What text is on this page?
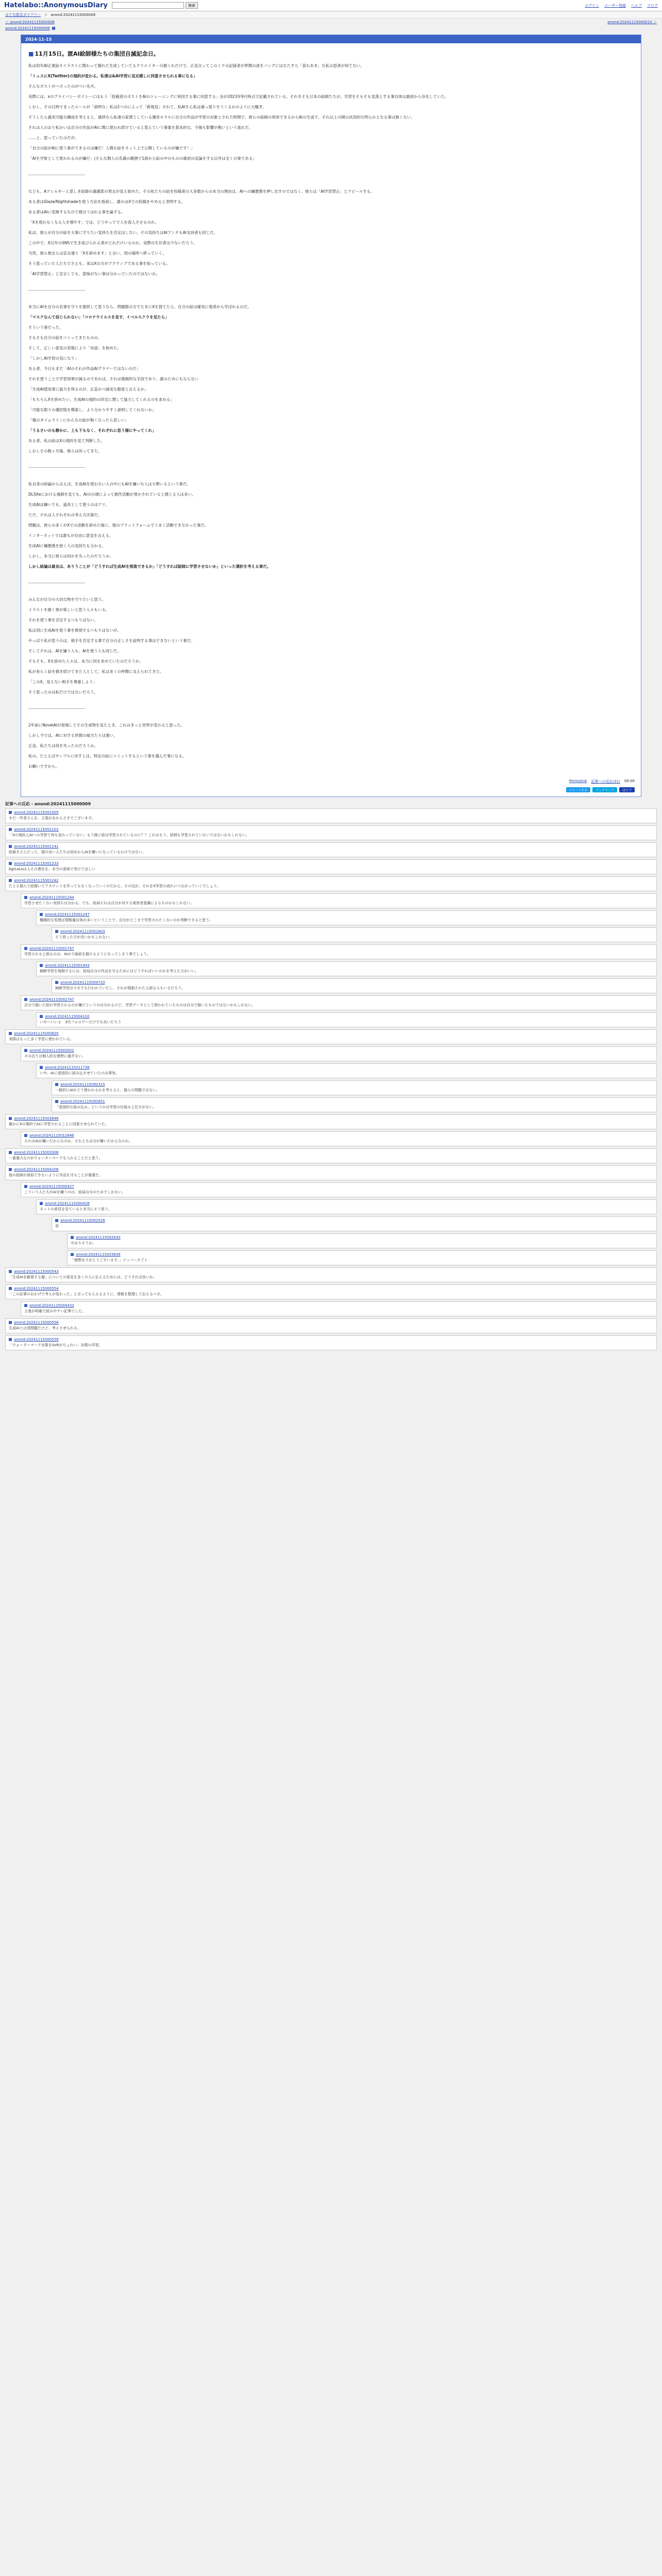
Hatelabo::AnonymousDiary	検索	ログイン ユーザー登録 ヘルプ ブログ
はてな匿名ダイアリー ＞ anond:20241115000009
＜ anond:20241115000008	anond:20241115000010 ＞
anond:20241115000009
2024-11-15
■ 11月15日。匿AI絵師様たちの集団自滅記念日。
私は的年AI正業絵キイラストに関わって描れた生成していてるクリエイターの描くれだけで、正直言ってこのミテの記録者が界隈の波をバングにはなたすら「家れあま」な私の思者が何てない。
「ミュスにX(Twitter)の規約が変わる。私達は&AI学習に見定感しに同意させられる事になる」
そんなポストがバズったのがつい先月。
実際には、xのプライバシーポリシーにはもう「投稿者のポストをAIのトレーニングに利用する事に同意する」旨が2023年9月時点で記載されている。それをそも日本の絵師たちが、学習をそもそも見落とする事自体は最初から存在していた。
しかし、その日時でまったルールが「説明な」私は2つのによって「新規見」されて、私AIさん私は違っ張りをうくるかのように大騒ぎ。
そうしたら義実可能な構成を考えると、最終なら私達の家賃としている運営モラルに自分の作品が学習の対象とされた時期で、彼らの絵師の利用できるからAIの生成で、それ以上の開示状況的な明らかとなる事は無くない。
それは人のおり私かいは自分の作品がAIに関に使われ続けていると思えていう事案を基本的な、今後も影響が無いという流れだ。
……と、思っていたのだが。
「自分の絵がAIに使う事ができるのは嫌だ！人間も絵をネット上で公開しているのが嫌です！」
「AIを学術として使われるのが嫌だ」(そんな個人の名義の範囲で1面から絵の中のものの最初の反論をする以外は全くの事である」
なども、Aアレルギーと思しき絵師の過激派の発言が見え始めた。その私たちの絵を投稿者の大多数からの本当の理由は、AIへの嫌悪感を押し出すのではなく、彼らは「AI学習禁止」とアピールする。
ある者はGlaze/Nightshadeを使う方法を指南し、誰かはXでの投稿をやめると表明する。
ある者はAIに変換するなので被ほうはれる事を論ずる。
「Xを使わなくなる人を増やす」では、どうやってで人を流入させるのか。
私は、彼らが自分の絵を大事に守りたい気持ちを否定はしない。その気持ちはAIアンチもAI支持者も同じだ。
この中で、X以外のSNSで生き延びられる者がどれだけいるのか、実際の生存者は少ないだろう。
当然、彼ら彼女らは宣言通り「Xを辞めます」と言い、別の場所へ移っていく。
そう思っていた人たちでさえも、実はXの方がアクティブである事を知っている。
「AI学習禁止」と宣言しても、意味がない事は分かっていたのではないか。
本当にAIを自分の玄事を守りを提供して思うなら、問題数の方でちまにXを捨てたら、自分の絵は確実に他者から学ばれるのだ。
「マスクなんて信じられない」「コロナウイルスを見す、イベルスクラを見たら」
そういう事だった。
そもそも自分の絵をつくってきたものの、
そして、正しい意見の表現により「対話」を始めた。
「しかしAI学習の気になり」
ある者、今日もまだ「AIのそれが作品AIグラマーではないのだ」
それを使うことで学習効果が減るのであれば、それは強制的な手段であり、誰のためにもならない
「生成AI使用者に協力を得るのが、正直かつ誠実な態度と言えるか」
「もちろんXを辞めたい。生成AIの規約の改定に関して協力してくれるのを求める」
「可能な限りの選択肢を模索し、より分かりやすく説明してくれないか」
「俺のタイムラインにかんなの絵が無くなったら悲しい」
「うるさいのも静かに、上も下もなく、それぞれに思う様にやってくれ」
ある者、私の絵はXの規約を見て判断した。
しかしその数ヶ月後、彼らは戻ってきた。
私自身の結論から言えば、生成AIを使わない人の中にもAIを嫌いな人は大勢いるという事だ。
DLSiteにおける規制を見ても、AIの台頭によって創作活動が脅かされていると感じる人は多い。
生成AIは嫌いでも、道具として使うのはアリ。
ただ、それは人それぞれの考え方次第だ。
問題は、彼らの多くがXでの活動を辞めた後に、他のプラットフォームでうまく活動できなかった事だ。
インターネットでは誰もが自由に意見を言える。
生成AIに嫌悪感を抱く人の気持ちも分かる。
しかし、本当に彼らは何かを失ったのだろうか。
しかし結論は最良は、ありうことが「どうすれば生成AIを推進できるか」「どうすれば絵師に学習させないか」といった選択を考える事だ。
みんなが自分の大切な物を守りたいと思う。
イラストを描く事が楽しいと思う人々もいる。
それを使う事を否定するつもりはない。
私は別に生成AIを使う事を推奨するつもりはないが。
やっぱり私が思うのは、相手を否定する事で自分の正しさを証明する事はできないという事だ。
そしてそれは、AIを嫌う人も、AIを使う人も同じだ。
そもそも、Xを辞めた人々は、本当に何を求めていたのだろうか。
私が長らく絵を描き続けてきた人として、私は多くの仲間に支えられてきた。
「このX、見えない相手を尊重しよう」
そう思ったのは私だけではないだろう。
2年前にNovelAIが登場してその生成物を見たとき、これはきっと世界が変わると思った。
しかし今では、AIに対する世間の風当たりは強い。
正直、私たちは何を失ったのだろうか。
私の、たとえばサンプルに戻すとは、特定の絵にコミットするという事を選んだ事になる。
お願いですから、
Permalink 記事への反応(31) 00:00
ツイートする	ブックマーク	はてブ
記事への反応 - anond:20241115000009
anond:20241115001005
まだ一作者さんを、主張があからさまでございます。
anond:20241115001101
「Xの規約上AIへの学習で何も変わっていない」もう既に絵は学習されているのに？？これはもう、絵柄も学習されていないではないかもしれない。
anond:20241115001141
絵描きさんだって、頭の良い人たちは初めからAIを嫌いになっているわけではない。
anond:20241115001233
bgrLoLoは人その責任を、本当の意味で受けてほしい
anond:20241115001242
たとえ個人で絵描いてアカウントを作ってもなくなっていくのだから、その辺が、それをX学習の流れにつながっていくでしょう。
anond:20241115001244
学習させたくない気持ちは分かる。でも、結局それは自分が対する被害者意識によるものかもしれない。
anond:20241115001247
機械的な処理は情報量自体が多いということで、自分がどこまで学習されたくないのか判断できると思う。
anond:20241115001603
そう思った方が良いかもしれない。
anond:20241115001747
学習されると困るのは、AIが今後絵を描けるようになってしまう事でしょう。
anond:20241115001943
無断学習を規制するには、結局自分の作品を守るためにはどうすればいいのかを考えた方がいい。
anond:20241115004723
無断学習は今までも行われていたし、それが規制されたら困る人もいるだろう。
anond:20241115002747
自分で描いた絵が学習されるのが嫌だというのは分かるけど、学習データとして使われていたものは自分で描いたものではないかもしれない。
anond:20241115004102
いやーいいよ　3代フォロワーだけでも良いだろう
anond:20241115000820
実際はもっと多く学習に使われている。
anond:20241115002001
その辺りは個人的な感想に過ぎない。
anond:20241115011736
いや、AIに意図的に読み込ませていたのは事実。
anond:20241115092315
一般的にAIがどう使われるかを考えると、個人の問題ではない。
anond:20241115092651
「意図的な読み込み」というのは学習の仕組み上仕方がない。
anond:20241115003646
確かにXの規約でAIに学習されることに同意させられていた。
anond:20241115012646
それはAIが嫌いだからなのか、それとも自分が嫌いだからなのか。
anond:20241115003306
一番重大なのがウォーターマークを入れることだと思う。
anond:20241115004206
他の絵師が真似できないように作品を守ることが重要だ。
anond:20241115000427
こういう人たちがAIを嫌うのは、結局自分のためでしかない。
anond:20241115000428
ネットの意見を見ていると本当にそう思う。
anond:20241115002528
草
anond:20241115002630
やはりそうか。
anond:20241115003839
「感想ありがとうございます。」ツッパーカ了ト
anond:20241115000543
「生成AIを敵視する層」についての意見を多くの人に伝えるためには、どうすれば良いか。
anond:20241115000554
「この記事のおかげで考えが変わった」と言ってもらえるように、情報を整理して伝えるべき。
anond:20241115004433
主張が明確で読みやすい記事でした。
anond:20241115000556
生成AIとは別問題だけど、考えさせられる。
anond:20241115000559
「ウォーターマーク対策をSoftがちょれい」対策の学習。
